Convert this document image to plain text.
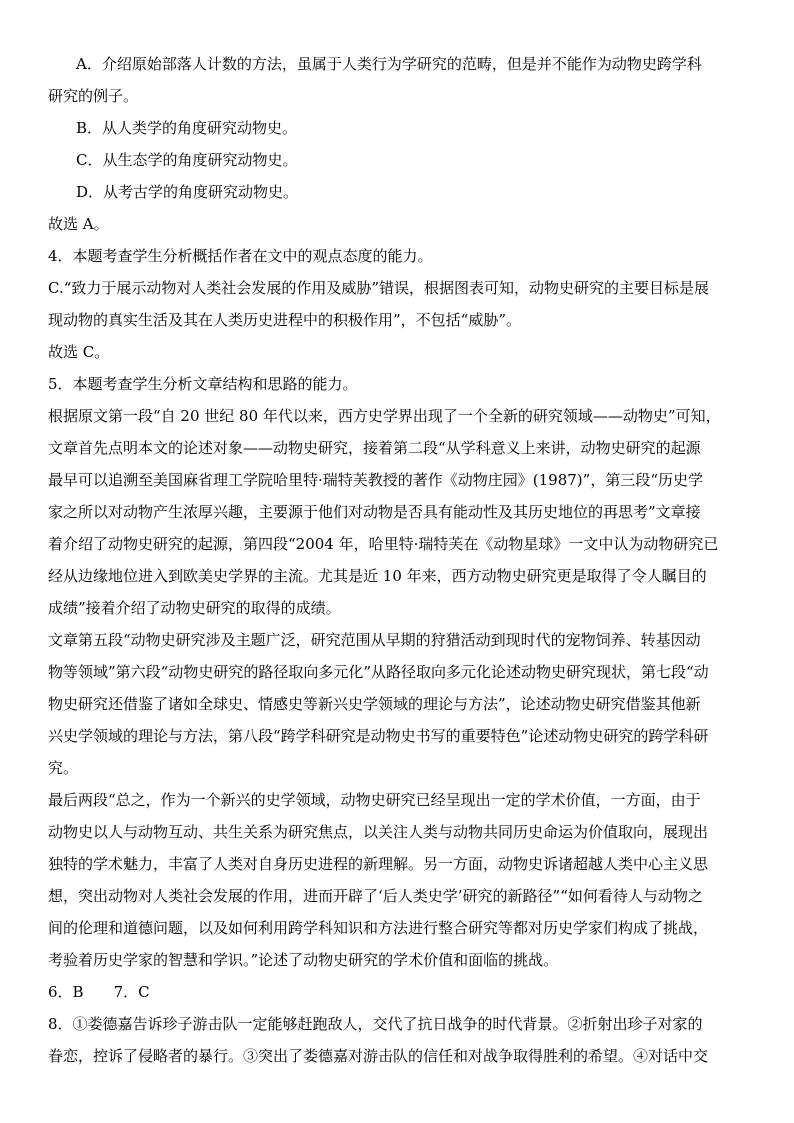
A．介绍原始部落人计数的方法，虽属于人类行为学研究的范畴，但是并不能作为动物史跨学科
研究的例子。
B．从人类学的角度研究动物史。
C．从生态学的角度研究动物史。
D．从考古学的角度研究动物史。
故选 A。
4．本题考查学生分析概括作者在文中的观点态度的能力。
C.“致力于展示动物对人类社会发展的作用及威胁”错误，根据图表可知，动物史研究的主要目标是展
现动物的真实生活及其在人类历史进程中的积极作用”，不包括“威胁”。
故选 C。
5．本题考查学生分析文章结构和思路的能力。
根据原文第一段“自 20 世纪 80 年代以来，西方史学界出现了一个全新的研究领域——动物史”可知，
文章首先点明本文的论述对象——动物史研究，接着第二段“从学科意义上来讲，动物史研究的起源
最早可以追溯至美国麻省理工学院哈里特·瑞特芙教授的著作《动物庄园》(1987)”，第三段“历史学
家之所以对动物产生浓厚兴趣，主要源于他们对动物是否具有能动性及其历史地位的再思考”文章接
着介绍了动物史研究的起源，第四段“2004 年，哈里特·瑞特芙在《动物星球》一文中认为动物研究已
经从边缘地位进入到欧美史学界的主流。尤其是近 10 年来，西方动物史研究更是取得了令人瞩目的
成绩”接着介绍了动物史研究的取得的成绩。
文章第五段“动物史研究涉及主题广泛，研究范围从早期的狩猎活动到现时代的宠物饲养、转基因动
物等领域”第六段“动物史研究的路径取向多元化”从路径取向多元化论述动物史研究现状，第七段“动
物史研究还借鉴了诸如全球史、情感史等新兴史学领域的理论与方法”，论述动物史研究借鉴其他新
兴史学领域的理论与方法，第八段“跨学科研究是动物史书写的重要特色”论述动物史研究的跨学科研
究。
最后两段“总之，作为一个新兴的史学领域，动物史研究已经呈现出一定的学术价值，一方面，由于
动物史以人与动物互动、共生关系为研究焦点，以关注人类与动物共同历史命运为价值取向，展现出
独特的学术魅力，丰富了人类对自身历史进程的新理解。另一方面，动物史诉诸超越人类中心主义思
想，突出动物对人类社会发展的作用，进而开辟了‘后人类史学’研究的新路径”“如何看待人与动物之
间的伦理和道德问题，以及如何利用跨学科知识和方法进行整合研究等都对历史学家们构成了挑战，
考验着历史学家的智慧和学识。”论述了动物史研究的学术价值和面临的挑战。
6．B　　7．C
8．①娄德嘉告诉珍子游击队一定能够赶跑敌人，交代了抗日战争的时代背景。②折射出珍子对家的
眷恋，控诉了侵略者的暴行。③突出了娄德嘉对游击队的信任和对战争取得胜利的希望。④对话中交
